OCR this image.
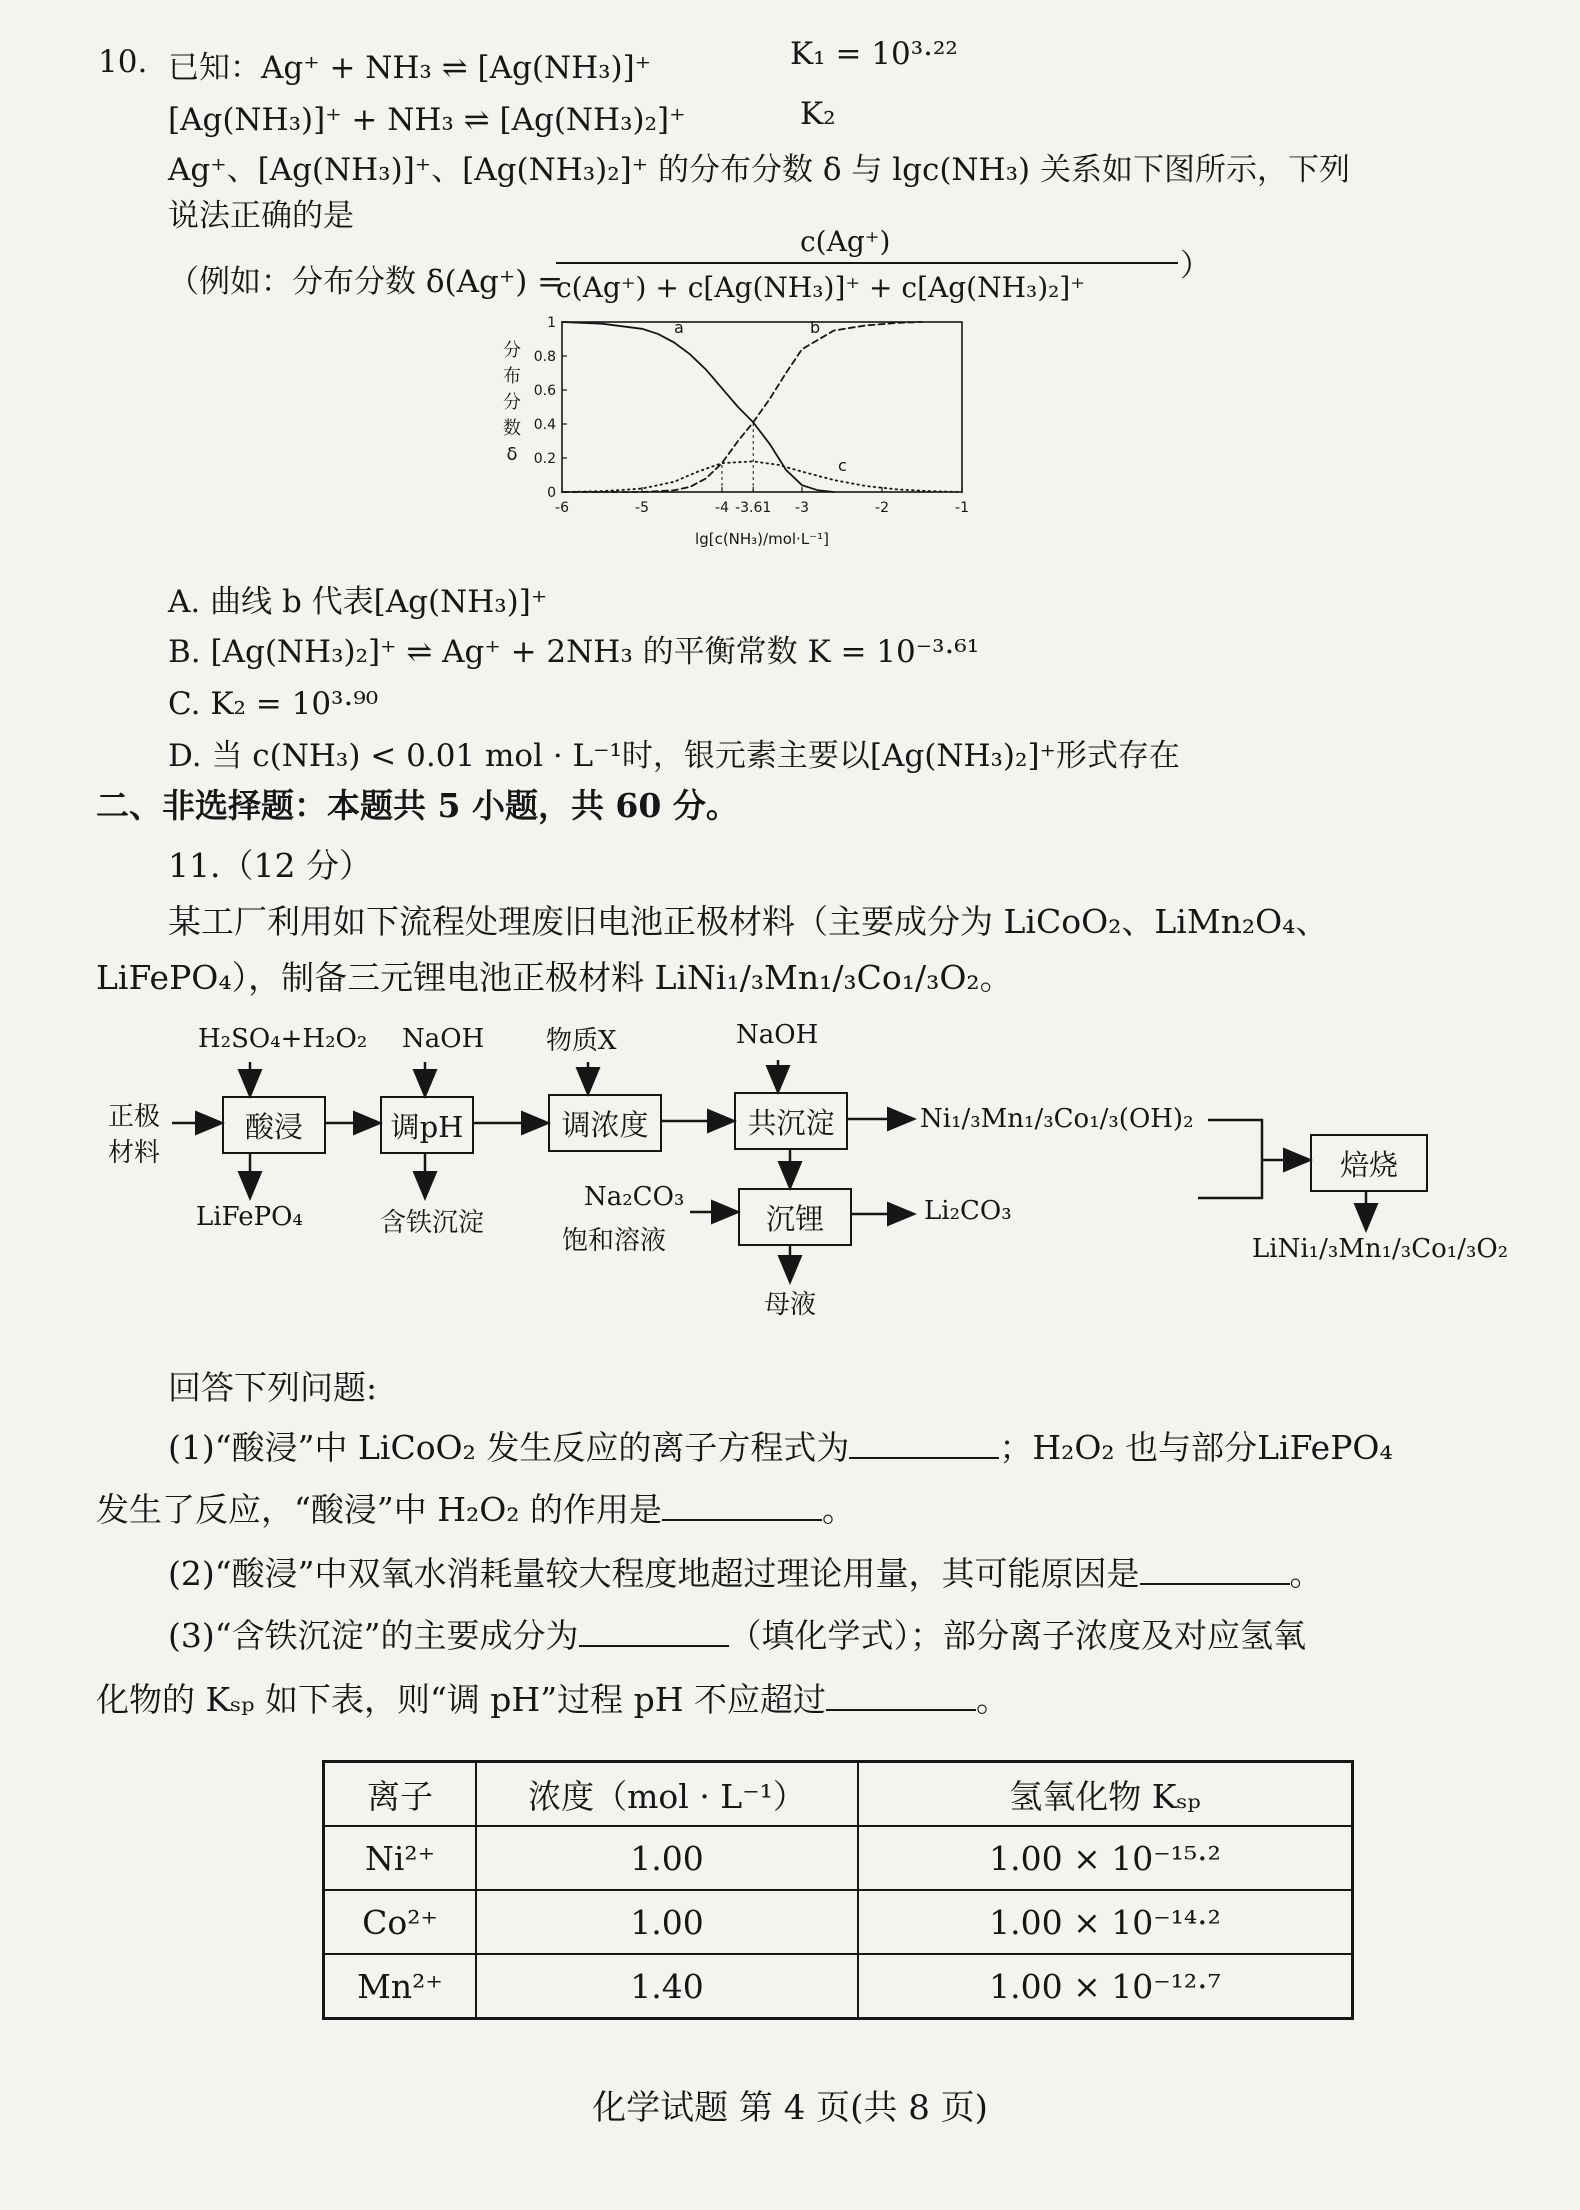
10. 已知：Ag⁺ + NH₃ ⇌ [Ag(NH₃)]⁺	K₁ = 10³·²²
[Ag(NH₃)]⁺ + NH₃ ⇌ [Ag(NH₃)₂]⁺	K₂
Ag⁺、[Ag(NH₃)]⁺、[Ag(NH₃)₂]⁺ 的分布分数 δ 与 lgc(NH₃) 关系如下图所示，下列
说法正确的是
（例如：分布分数 δ(Ag⁺) =
c(Ag⁺)
c(Ag⁺) + c[Ag(NH₃)]⁺ + c[Ag(NH₃)₂]⁺
）
-6	-5	-4 -3.61 -3	-2	-1
0
0.2
0.4
0.6
0.8
1	a	b
c
分
布
分
数
δ
lg[c(NH₃)/mol·L⁻¹]
A. 曲线 b 代表[Ag(NH₃)]⁺
B. [Ag(NH₃)₂]⁺ ⇌ Ag⁺ + 2NH₃ 的平衡常数 K = 10⁻³·⁶¹
C. K₂ = 10³·⁹⁰
D. 当 c(NH₃) < 0.01 mol · L⁻¹时，银元素主要以[Ag(NH₃)₂]⁺形式存在
二、非选择题：本题共 5 小题，共 60 分。
11.（12 分）
某工厂利用如下流程处理废旧电池正极材料（主要成分为 LiCoO₂、LiMn₂O₄、
LiFePO₄），制备三元锂电池正极材料 LiNi₁/₃Mn₁/₃Co₁/₃O₂。
正极
材料
H₂SO₄+H₂O₂ NaOH 物质X	NaOH
酸浸	调pH	调浓度	共沉淀
沉锂
焙烧
LiFePO₄	含铁沉淀
Ni₁/₃Mn₁/₃Co₁/₃(OH)₂
Na₂CO₃
饱和溶液
Li₂CO₃
母液
LiNi₁/₃Mn₁/₃Co₁/₃O₂
回答下列问题:
(1)“酸浸”中 LiCoO₂ 发生反应的离子方程式为	；H₂O₂ 也与部分LiFePO₄
发生了反应，“酸浸”中 H₂O₂ 的作用是	。
(2)“酸浸”中双氧水消耗量较大程度地超过理论用量，其可能原因是	。
(3)“含铁沉淀”的主要成分为	（填化学式）；部分离子浓度及对应氢氧
化物的 Kₛₚ 如下表，则“调 pH”过程 pH 不应超过	。
离子	浓度（mol · L⁻¹）	氢氧化物 Kₛₚ
Ni²⁺	1.00	1.00 × 10⁻¹⁵·²
Co²⁺	1.00	1.00 × 10⁻¹⁴·²
Mn²⁺	1.40	1.00 × 10⁻¹²·⁷
化学试题 第 4 页(共 8 页)
